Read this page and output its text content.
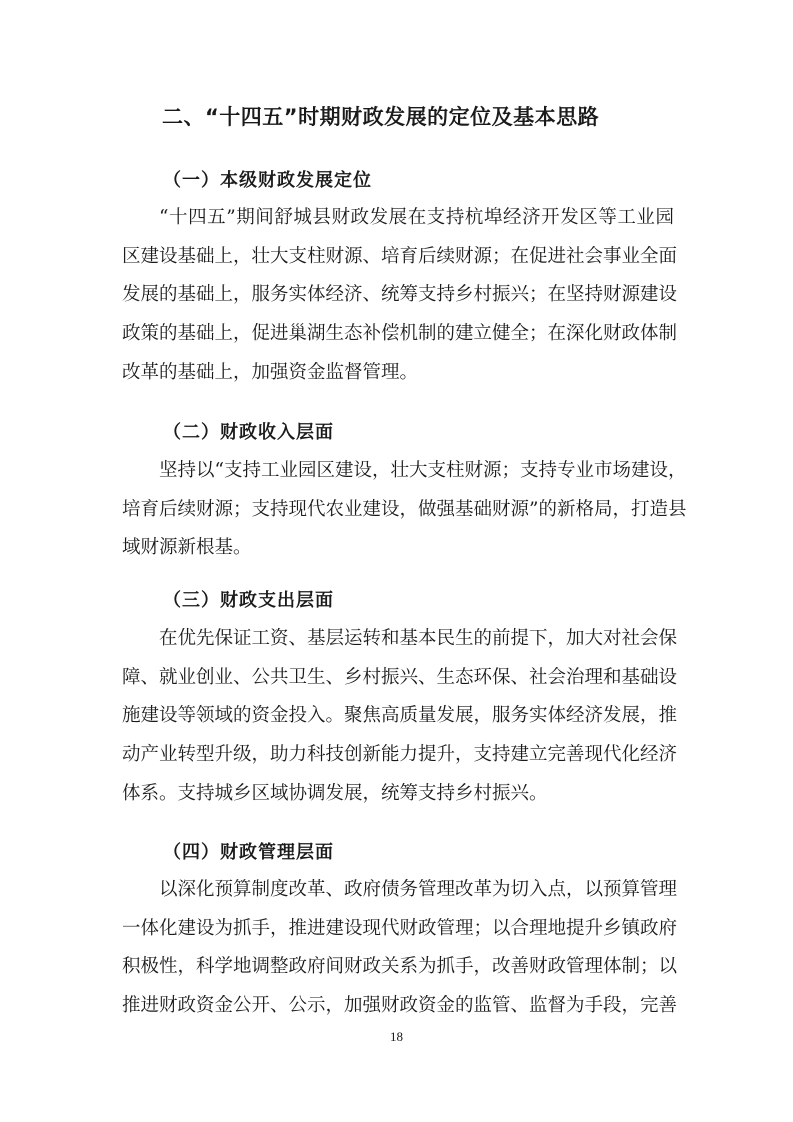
二、“十四五”时期财政发展的定位及基本思路
（一）本级财政发展定位
“十四五”期间舒城县财政发展在支持杭埠经济开发区等工业园
区建设基础上，壮大支柱财源、培育后续财源；在促进社会事业全面
发展的基础上，服务实体经济、统筹支持乡村振兴；在坚持财源建设
政策的基础上，促进巢湖生态补偿机制的建立健全；在深化财政体制
改革的基础上，加强资金监督管理。
（二）财政收入层面
坚持以“支持工业园区建设，壮大支柱财源；支持专业市场建设，
培育后续财源；支持现代农业建设，做强基础财源”的新格局，打造县
域财源新根基。
（三）财政支出层面
在优先保证工资、基层运转和基本民生的前提下，加大对社会保
障、就业创业、公共卫生、乡村振兴、生态环保、社会治理和基础设
施建设等领域的资金投入。聚焦高质量发展，服务实体经济发展，推
动产业转型升级，助力科技创新能力提升，支持建立完善现代化经济
体系。支持城乡区域协调发展，统筹支持乡村振兴。
（四）财政管理层面
以深化预算制度改革、政府债务管理改革为切入点，以预算管理
一体化建设为抓手，推进建设现代财政管理；以合理地提升乡镇政府
积极性，科学地调整政府间财政关系为抓手，改善财政管理体制；以
推进财政资金公开、公示，加强财政资金的监管、监督为手段，完善

18
